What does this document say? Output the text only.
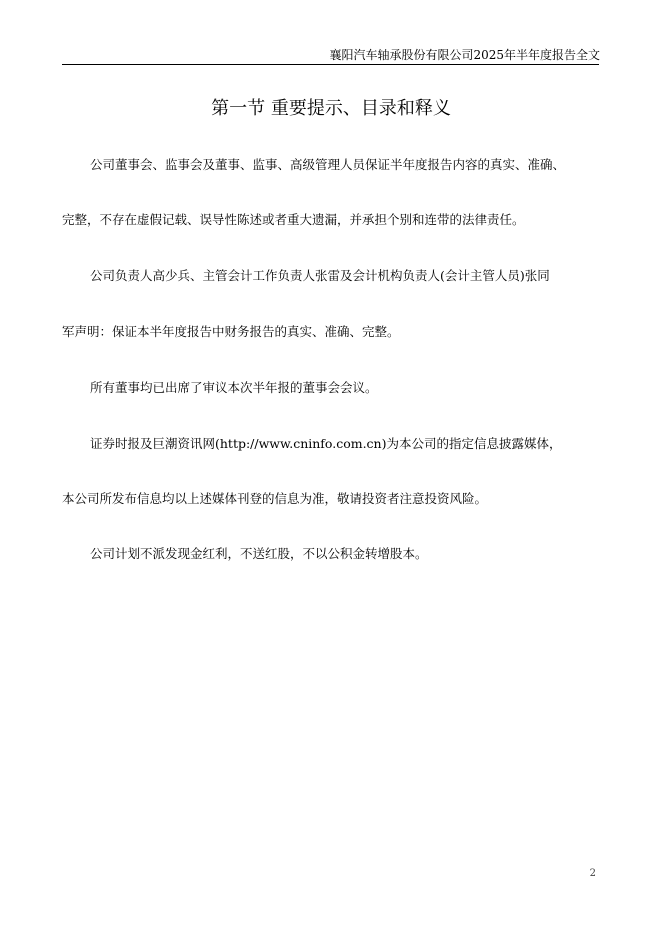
襄阳汽车轴承股份有限公司2025年半年度报告全文
第一节 重要提示、目录和释义
公司董事会、监事会及董事、监事、高级管理人员保证半年度报告内容的真实、准确、
完整，不存在虚假记载、误导性陈述或者重大遗漏，并承担个别和连带的法律责任。
公司负责人高少兵、主管会计工作负责人张雷及会计机构负责人(会计主管人员)张同
军声明：保证本半年度报告中财务报告的真实、准确、完整。
所有董事均已出席了审议本次半年报的董事会会议。
证券时报及巨潮资讯网(http://www.cninfo.com.cn)为本公司的指定信息披露媒体，
本公司所发布信息均以上述媒体刊登的信息为准，敬请投资者注意投资风险。
公司计划不派发现金红利，不送红股，不以公积金转增股本。
2
